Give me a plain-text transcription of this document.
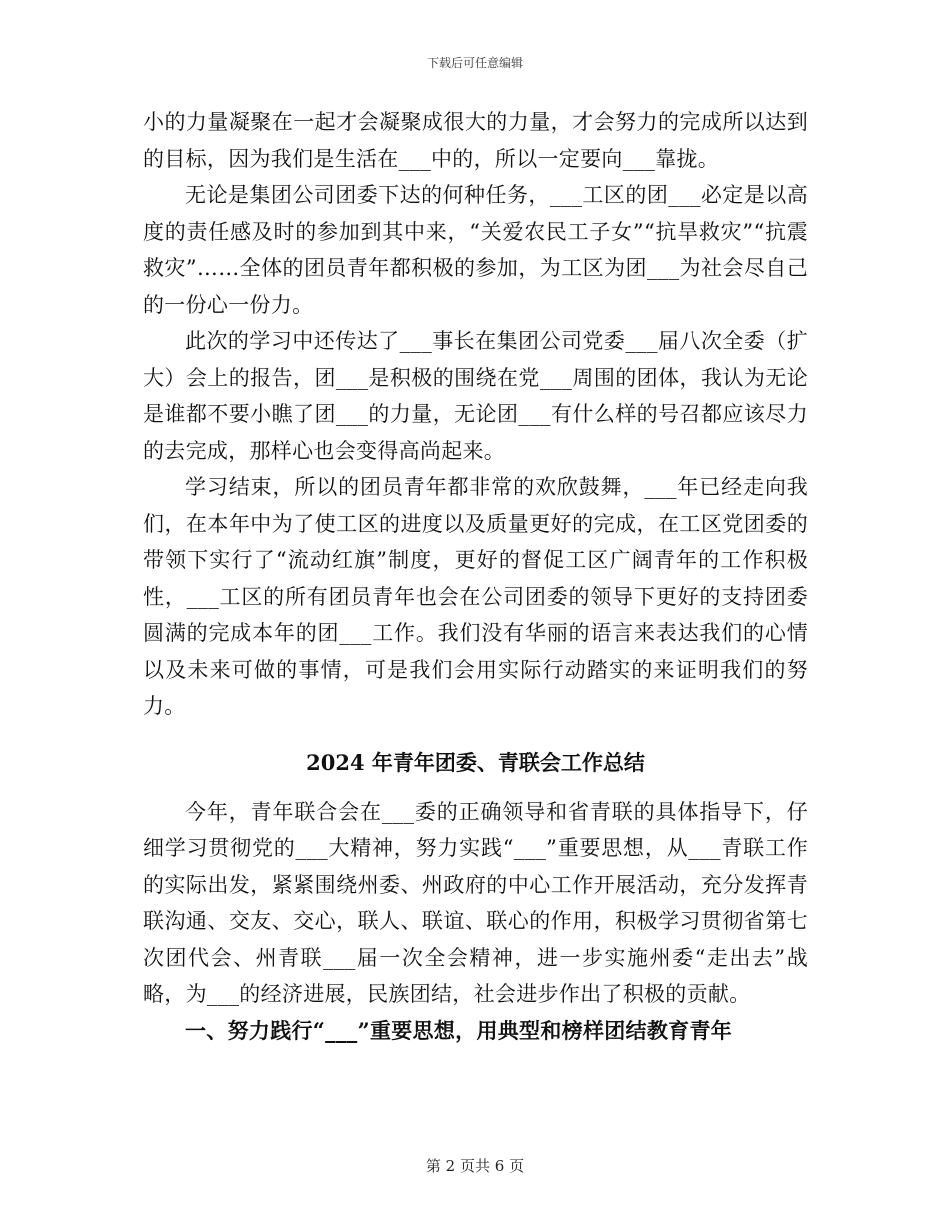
下载后可任意编辑

小的力量凝聚在一起才会凝聚成很大的力量，才会努力的完成所以达到的目标，因为我们是生活在___中的，所以一定要向___靠拢。

无论是集团公司团委下达的何种任务，___工区的团___必定是以高度的责任感及时的参加到其中来，“关爱农民工子女”“抗旱救灾”“抗震救灾”……全体的团员青年都积极的参加，为工区为团___为社会尽自己的一份心一份力。

此次的学习中还传达了___事长在集团公司党委___届八次全委（扩大）会上的报告，团___是积极的围绕在党___周围的团体，我认为无论是谁都不要小瞧了团___的力量，无论团___有什么样的号召都应该尽力的去完成，那样心也会变得高尚起来。

学习结束，所以的团员青年都非常的欢欣鼓舞，___年已经走向我们，在本年中为了使工区的进度以及质量更好的完成，在工区党团委的带领下实行了“流动红旗”制度，更好的督促工区广阔青年的工作积极性，___工区的所有团员青年也会在公司团委的领导下更好的支持团委圆满的完成本年的团___工作。我们没有华丽的语言来表达我们的心情以及未来可做的事情，可是我们会用实际行动踏实的来证明我们的努力。

2024 年青年团委、青联会工作总结

今年，青年联合会在___委的正确领导和省青联的具体指导下，仔细学习贯彻党的___大精神，努力实践“___”重要思想，从___青联工作的实际出发，紧紧围绕州委、州政府的中心工作开展活动，充分发挥青联沟通、交友、交心，联人、联谊、联心的作用，积极学习贯彻省第七次团代会、州青联___届一次全会精神，进一步实施州委“走出去”战略，为___的经济进展，民族团结，社会进步作出了积极的贡献。

一、努力践行“___”重要思想，用典型和榜样团结教育青年

第 2 页共 6 页
